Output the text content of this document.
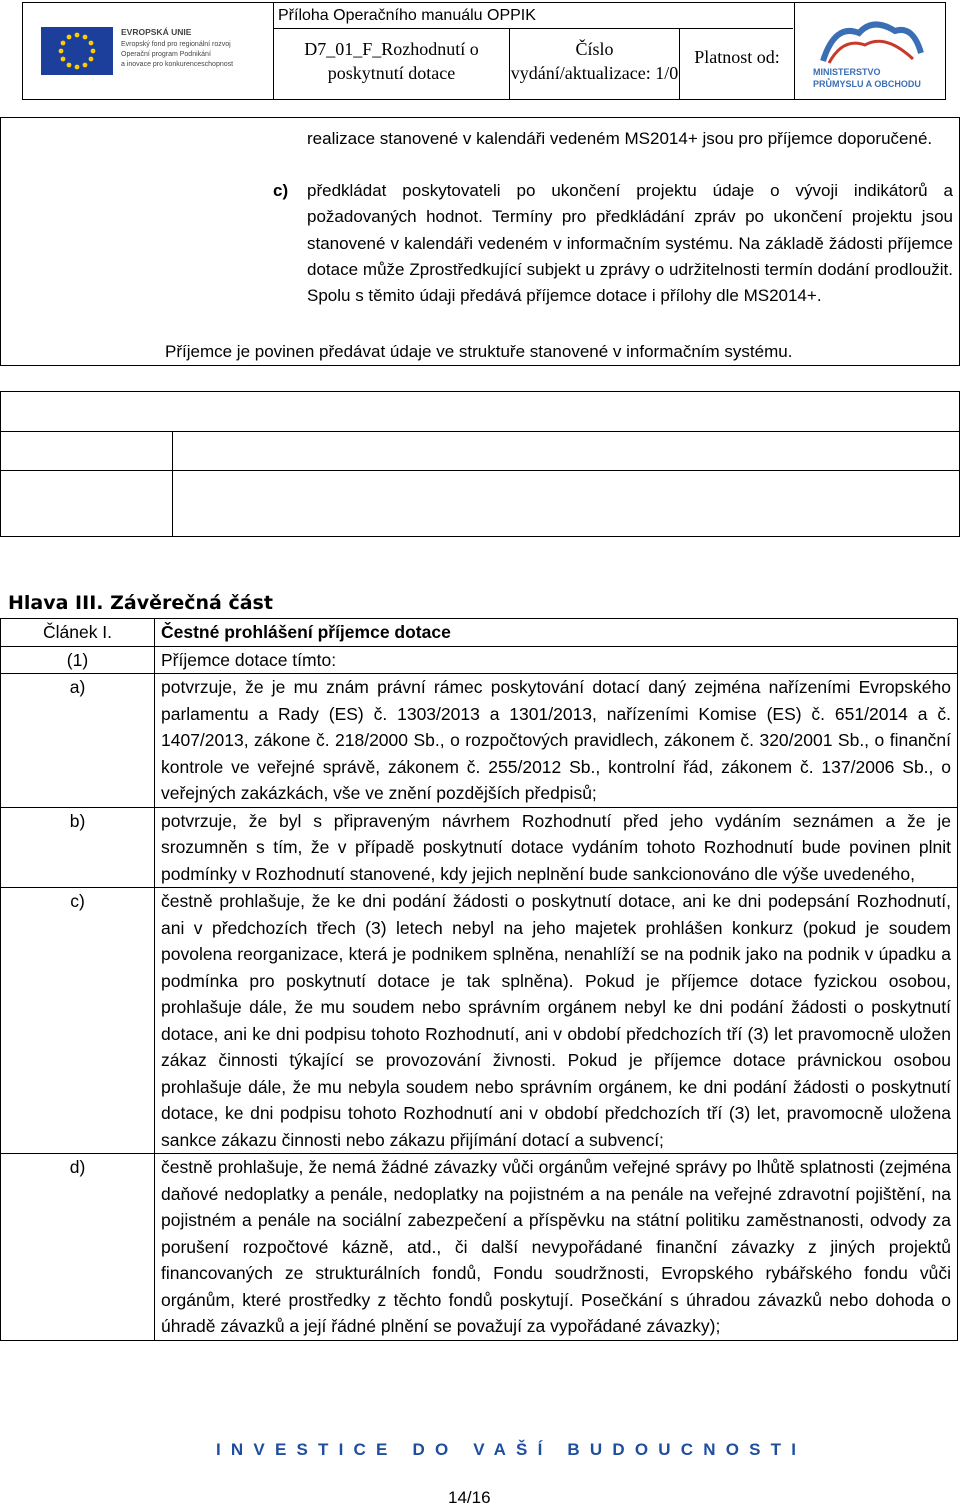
EVROPSKÁ UNIE
Evropský fond pro regionální rozvoj
Operační program Podnikání
a inovace pro konkurenceschopnost
Příloha Operačního manuálu OPPIK
D7_01_F_Rozhodnutí o poskytnutí dotace
Číslo vydání/aktualizace: 1/0
Platnost od:
MINISTERSTVO
PRŮMYSLU A OBCHODU
realizace stanovené v kalendáři vedeném MS2014+ jsou pro příjemce doporučené.
c) předkládat poskytovateli po ukončení projektu údaje o vývoji indikátorů a požadovaných hodnot. Termíny pro předkládání zpráv po ukončení projektu jsou stanovené v kalendáři vedeném v informačním systému. Na základě žádosti příjemce dotace může Zprostředkující subjekt u zprávy o udržitelnosti termín dodání prodloužit. Spolu s těmito údaji předává příjemce dotace i přílohy dle MS2014+.
Příjemce je povinen předávat údaje ve struktuře stanovené v informačním systému.
Hlava III. Závěrečná část
Článek I.	Čestné prohlášení příjemce dotace
(1)	Příjemce dotace tímto:
a)	potvrzuje, že je mu znám právní rámec poskytování dotací daný zejména nařízeními Evropského parlamentu a Rady (ES) č. 1303/2013 a 1301/2013, nařízeními Komise (ES) č. 651/2014 a č. 1407/2013, zákone č. 218/2000 Sb., o rozpočtových pravidlech, zákonem č. 320/2001 Sb., o finanční kontrole ve veřejné správě, zákonem č. 255/2012 Sb., kontrolní řád, zákonem č. 137/2006 Sb., o veřejných zakázkách, vše ve znění pozdějších předpisů;
b)	potvrzuje, že byl s připraveným návrhem Rozhodnutí před jeho vydáním seznámen a že je srozumněn s tím, že v případě poskytnutí dotace vydáním tohoto Rozhodnutí bude povinen plnit podmínky v Rozhodnutí stanovené, kdy jejich neplnění bude sankcionováno dle výše uvedeného,
c)	čestně prohlašuje, že ke dni podání žádosti o poskytnutí dotace, ani ke dni podepsání Rozhodnutí, ani v předchozích třech (3) letech nebyl na jeho majetek prohlášen konkurz (pokud je soudem povolena reorganizace, která je podnikem splněna, nenahlíží se na podnik jako na podnik v úpadku a podmínka pro poskytnutí dotace je tak splněna). Pokud je příjemce dotace fyzickou osobou, prohlašuje dále, že mu soudem nebo správním orgánem nebyl ke dni podání žádosti o poskytnutí dotace, ani ke dni podpisu tohoto Rozhodnutí, ani v období předchozích tří (3) let pravomocně uložen zákaz činnosti týkající se provozování živnosti. Pokud je příjemce dotace právnickou osobou prohlašuje dále, že mu nebyla soudem nebo správním orgánem, ke dni podání žádosti o poskytnutí dotace, ke dni podpisu tohoto Rozhodnutí ani v období předchozích tří (3) let, pravomocně uložena sankce zákazu činnosti nebo zákazu přijímání dotací a subvencí;
d)	čestně prohlašuje, že nemá žádné závazky vůči orgánům veřejné správy po lhůtě splatnosti (zejména daňové nedoplatky a penále, nedoplatky na pojistném a na penále na veřejné zdravotní pojištění, na pojistném a penále na sociální zabezpečení a příspěvku na státní politiku zaměstnanosti, odvody za porušení rozpočtové kázně, atd., či další nevypořádané finanční závazky z jiných projektů financovaných ze strukturálních fondů, Fondu soudržnosti, Evropského rybářského fondu vůči orgánům, které prostředky z těchto fondů poskytují. Posečkání s úhradou závazků nebo dohoda o úhradě závazků a její řádné plnění se považují za vypořádané závazky);
INVESTICE DO VAŠÍ BUDOUCNOSTI
14/16
